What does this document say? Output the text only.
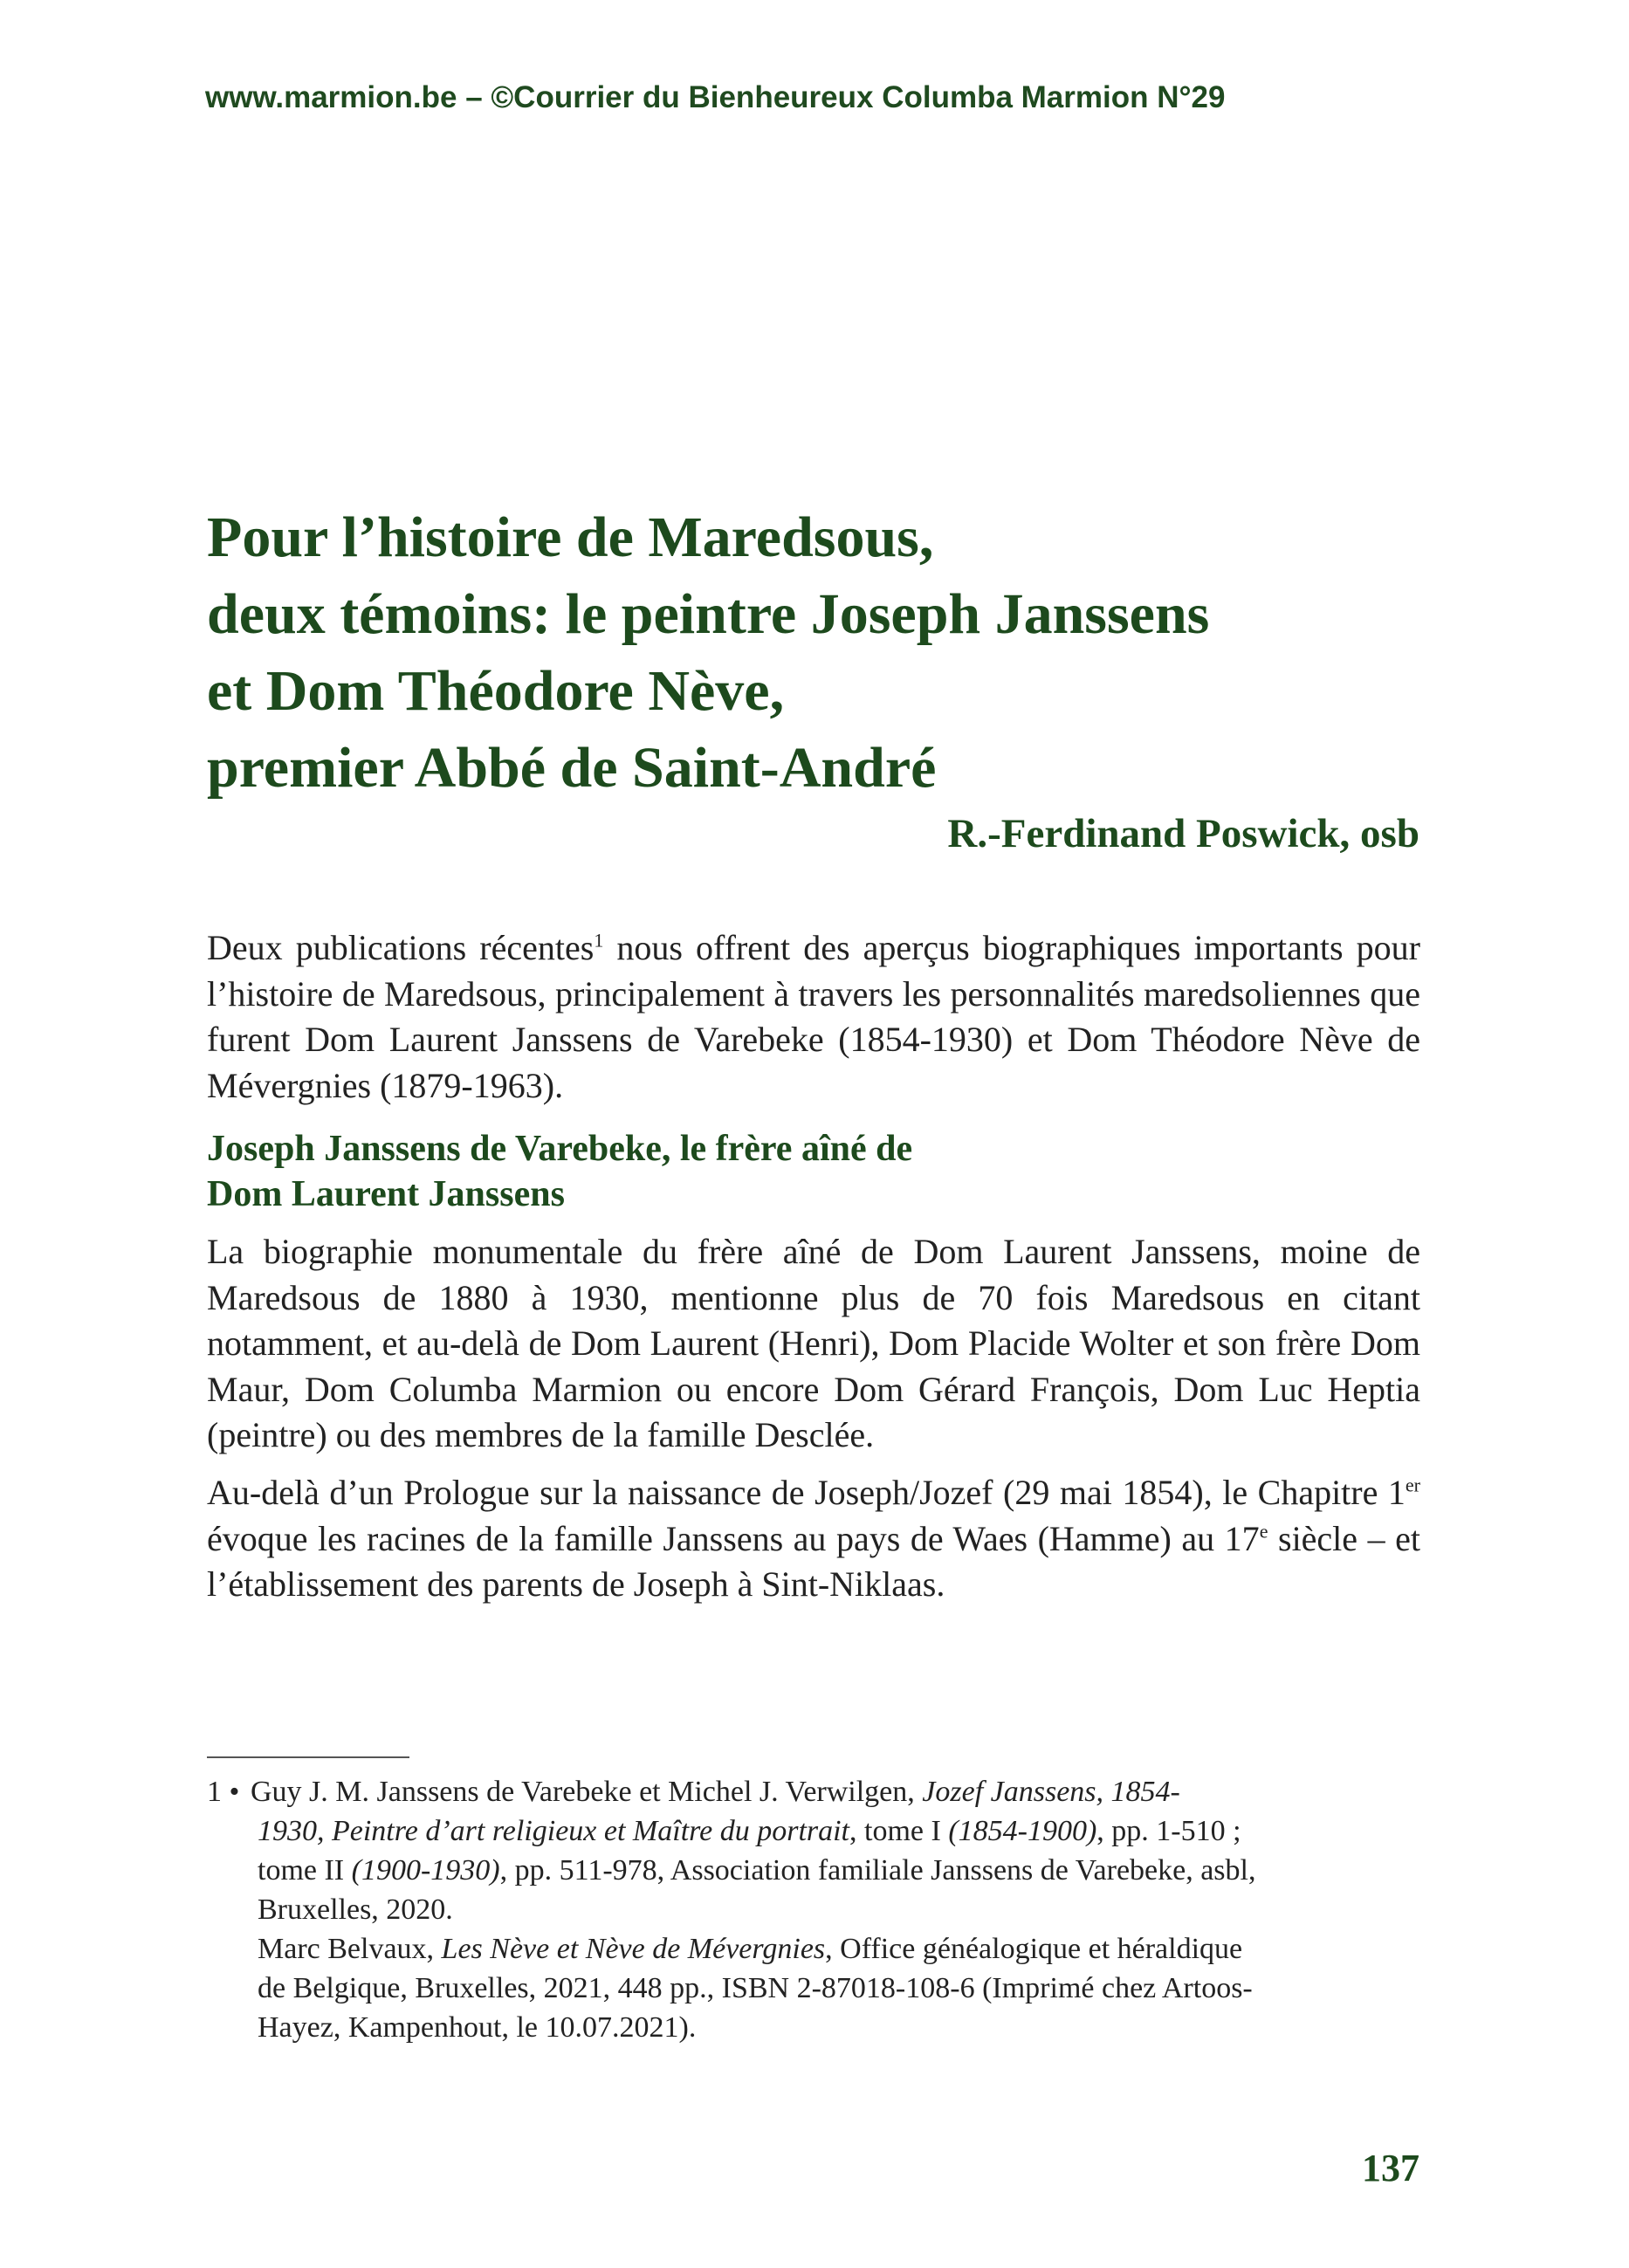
www.marmion.be – ©Courrier du Bienheureux Columba Marmion N°29
Pour l’histoire de Maredsous,
deux témoins: le peintre Joseph Janssens
et Dom Théodore Nève,
premier Abbé de Saint-André
R.-Ferdinand Poswick, osb

Deux publications récentes$^1$ nous offrent des aperçus biographiques importants pour l’histoire de Maredsous, principalement à travers les personnalités maredsoliennes que furent Dom Laurent Janssens de Varebeke (1854-1930) et Dom Théodore Nève de Mévergnies (1879-1963).

Joseph Janssens de Varebeke, le frère aîné de
Dom Laurent Janssens

La biographie monumentale du frère aîné de Dom Laurent Janssens, moine de Maredsous de 1880 à 1930, mentionne plus de 70 fois Maredsous en citant notamment, et au-delà de Dom Laurent (Henri), Dom Placide Wolter et son frère Dom Maur, Dom Columba Marmion ou encore Dom Gérard François, Dom Luc Heptia (peintre) ou des membres de la famille Desclée.

Au-delà d’un Prologue sur la naissance de Joseph/Jozef (29 mai 1854), le Chapitre 1er évoque les racines de la famille Janssens au pays de Waes (Hamme) au 17e siècle – et l’établissement des parents de Joseph à Sint-Niklaas.

1 • Guy J. M. Janssens de Varebeke et Michel J. Verwilgen, Jozef Janssens, 1854-
1930, Peintre d’art religieux et Maître du portrait, tome I (1854-1900), pp. 1-510 ;
tome II (1900-1930), pp. 511-978, Association familiale Janssens de Varebeke, asbl,
Bruxelles, 2020.
Marc Belvaux, Les Nève et Nève de Mévergnies, Office généalogique et héraldique
de Belgique, Bruxelles, 2021, 448 pp., ISBN 2-87018-108-6 (Imprimé chez Artoos-
Hayez, Kampenhout, le 10.07.2021).
137
